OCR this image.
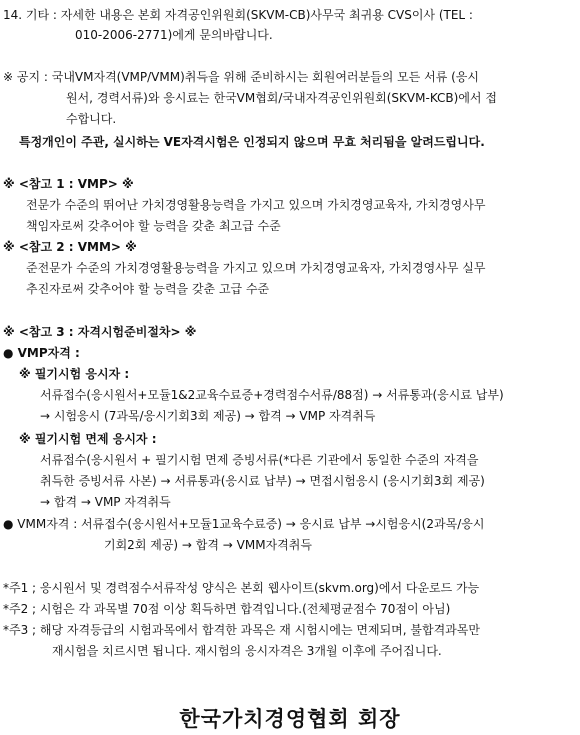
14. 기타 : 자세한 내용은 본회 자격공인위원회(SKVM-CB)사무국 최귀용 CVS이사 (TEL :
010-2006-2771)에게 문의바랍니다.
※ 공지 : 국내VM자격(VMP/VMM)취득을 위해 준비하시는 회원여러분들의 모든 서류 (응시
원서, 경력서류)와 응시료는 한국VM협회/국내자격공인위원회(SKVM-KCB)에서 접
수합니다.
특정개인이 주관, 실시하는 VE자격시험은 인정되지 않으며 무효 처리됨을 알려드립니다.
※ <참고 1 : VMP> ※
전문가 수준의 뛰어난 가치경영활용능력을 가지고 있으며 가치경영교육자, 가치경영사무
책임자로써 갖추어야 할 능력을 갖춘 최고급 수준
※ <참고 2 : VMM> ※
준전문가 수준의 가치경영활용능력을 가지고 있으며 가치경영교육자, 가치경영사무 실무
추진자로써 갖추어야 할 능력을 갖춘 고급 수준
※ <참고 3 : 자격시험준비절차> ※
● VMP자격 :
※ 필기시험 응시자 :
서류접수(응시원서+모듈1&2교육수료증+경력점수서류/88점) → 서류통과(응시료 납부)
→ 시험응시 (7과목/응시기회3회 제공) → 합격 → VMP 자격취득
※ 필기시험 면제 응시자 :
서류접수(응시원서 + 필기시험 면제 증빙서류(*다른 기관에서 동일한 수준의 자격을
취득한 증빙서류 사본) → 서류통과(응시료 납부) → 면접시험응시 (응시기회3회 제공)
→ 합격 → VMP 자격취득
● VMM자격 : 서류접수(응시원서+모듈1교육수료증) → 응시료 납부 →시험응시(2과목/응시
기회2회 제공) → 합격 → VMM자격취득
*주1 ; 응시원서 및 경력점수서류작성 양식은 본회 웹사이트(skvm.org)에서 다운로드 가능
*주2 ; 시험은 각 과목별 70점 이상 획득하면 합격입니다.(전체평균점수 70점이 아님)
*주3 ; 해당 자격등급의 시험과목에서 합격한 과목은 재 시험시에는 면제되며, 불합격과목만
재시험을 치르시면 됩니다. 재시험의 응시자격은 3개월 이후에 주어집니다.
한국가치경영협회 회장
